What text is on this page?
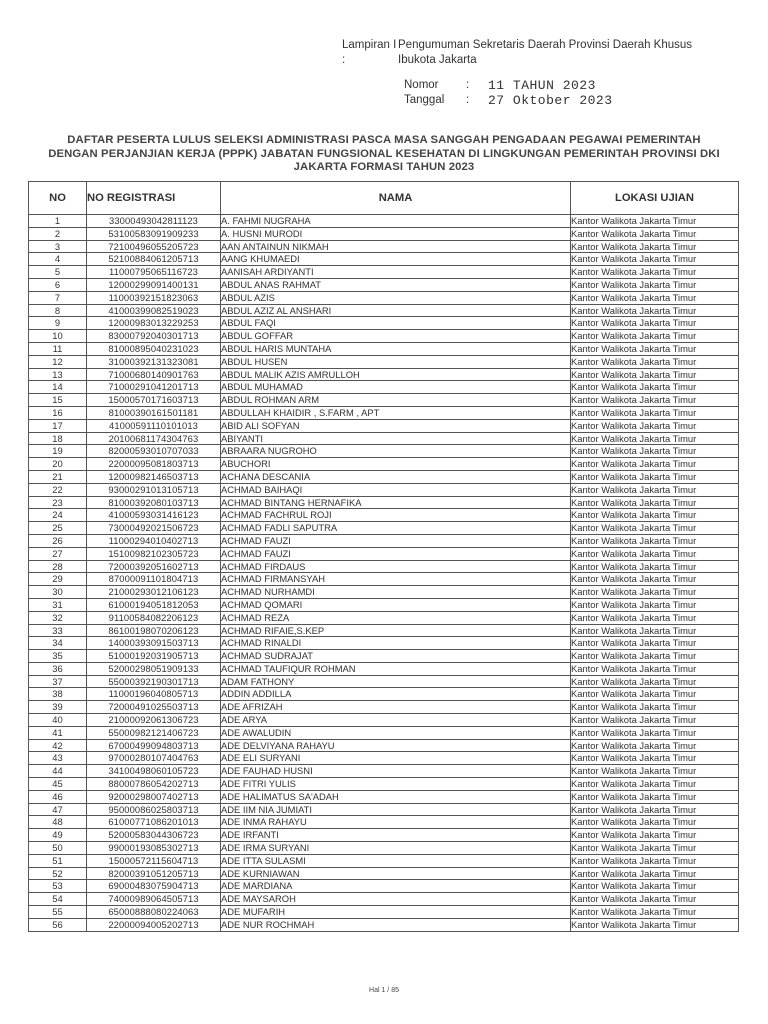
Lampiran I :
Pengumuman Sekretaris Daerah Provinsi Daerah Khusus
Ibukota Jakarta
Nomor	:	11 TAHUN 2023
Tanggal	:	27 Oktober 2023
DAFTAR PESERTA LULUS SELEKSI ADMINISTRASI PASCA MASA SANGGAH PENGADAAN PEGAWAI PEMERINTAH
DENGAN PERJANJIAN KERJA (PPPK) JABATAN FUNGSIONAL KESEHATAN DI LINGKUNGAN PEMERINTAH PROVINSI DKI
JAKARTA FORMASI TAHUN 2023
NO	NO REGISTRASI	NAMA	LOKASI UJIAN
1	33000493042811123	A. FAHMI NUGRAHA	Kantor Walikota Jakarta Timur
2	53100583091909233	A. HUSNI MURODI	Kantor Walikota Jakarta Timur
3	72100496055205723	AAN ANTAINUN NIKMAH	Kantor Walikota Jakarta Timur
4	52100884061205713	AANG KHUMAEDI	Kantor Walikota Jakarta Timur
5	11000795065116723	AANISAH ARDIYANTI	Kantor Walikota Jakarta Timur
6	12000299091400131	ABDUL ANAS RAHMAT	Kantor Walikota Jakarta Timur
7	11000392151823063	ABDUL AZIS	Kantor Walikota Jakarta Timur
8	41000399082519023	ABDUL AZIZ AL ANSHARI	Kantor Walikota Jakarta Timur
9	12000983013229253	ABDUL FAQI	Kantor Walikota Jakarta Timur
10	83000792040301713	ABDUL GOFFAR	Kantor Walikota Jakarta Timur
11	81000895040231023	ABDUL HARIS MUNTAHA	Kantor Walikota Jakarta Timur
12	31000392131323081	ABDUL HUSEN	Kantor Walikota Jakarta Timur
13	71000680140901763	ABDUL MALIK AZIS AMRULLOH	Kantor Walikota Jakarta Timur
14	71000291041201713	ABDUL MUHAMAD	Kantor Walikota Jakarta Timur
15	15000570171603713	ABDUL ROHMAN ARM	Kantor Walikota Jakarta Timur
16	81000390161501181	ABDULLAH KHAIDIR , S.FARM , APT	Kantor Walikota Jakarta Timur
17	41000591110101013	ABID ALI SOFYAN	Kantor Walikota Jakarta Timur
18	20100681174304763	ABIYANTI	Kantor Walikota Jakarta Timur
19	82000593010707033	ABRAARA NUGROHO	Kantor Walikota Jakarta Timur
20	22000095081803713	ABUCHORI	Kantor Walikota Jakarta Timur
21	12000982146503713	ACHANA DESCANIA	Kantor Walikota Jakarta Timur
22	93000291013105713	ACHMAD BAIHAQI	Kantor Walikota Jakarta Timur
23	81000392080103713	ACHMAD BINTANG HERNAFIKA	Kantor Walikota Jakarta Timur
24	41000593031416123	ACHMAD FACHRUL ROJI	Kantor Walikota Jakarta Timur
25	73000492021506723	ACHMAD FADLI SAPUTRA	Kantor Walikota Jakarta Timur
26	11000294010402713	ACHMAD FAUZI	Kantor Walikota Jakarta Timur
27	15100982102305723	ACHMAD FAUZI	Kantor Walikota Jakarta Timur
28	72000392051602713	ACHMAD FIRDAUS	Kantor Walikota Jakarta Timur
29	87000091101804713	ACHMAD FIRMANSYAH	Kantor Walikota Jakarta Timur
30	21000293012106123	ACHMAD NURHAMDI	Kantor Walikota Jakarta Timur
31	61000194051812053	ACHMAD QOMARI	Kantor Walikota Jakarta Timur
32	91100584082206123	ACHMAD REZA	Kantor Walikota Jakarta Timur
33	86100198070206123	ACHMAD RIFAIE,S.KEP	Kantor Walikota Jakarta Timur
34	14000393091503713	ACHMAD RINALDI	Kantor Walikota Jakarta Timur
35	51000192031905713	ACHMAD SUDRAJAT	Kantor Walikota Jakarta Timur
36	52000298051909133	ACHMAD TAUFIQUR ROHMAN	Kantor Walikota Jakarta Timur
37	55000392190301713	ADAM FATHONY	Kantor Walikota Jakarta Timur
38	11000196040805713	ADDIN ADDILLA	Kantor Walikota Jakarta Timur
39	72000491025503713	ADE AFRIZAH	Kantor Walikota Jakarta Timur
40	21000092061306723	ADE ARYA	Kantor Walikota Jakarta Timur
41	55000982121406723	ADE AWALUDIN	Kantor Walikota Jakarta Timur
42	67000499094803713	ADE DELVIYANA RAHAYU	Kantor Walikota Jakarta Timur
43	97000280107404763	ADE ELI SURYANI	Kantor Walikota Jakarta Timur
44	34100498060105723	ADE FAUHAD HUSNI	Kantor Walikota Jakarta Timur
45	88000786054202713	ADE FITRI YULIS	Kantor Walikota Jakarta Timur
46	92000298007402713	ADE HALIMATUS SA'ADAH	Kantor Walikota Jakarta Timur
47	95000086025803713	ADE IIM NIA JUMIATI	Kantor Walikota Jakarta Timur
48	61000771086201013	ADE INMA RAHAYU	Kantor Walikota Jakarta Timur
49	52000583044306723	ADE IRFANTI	Kantor Walikota Jakarta Timur
50	99000193085302713	ADE IRMA SURYANI	Kantor Walikota Jakarta Timur
51	15000572115604713	ADE ITTA SULASMI	Kantor Walikota Jakarta Timur
52	82000391051205713	ADE KURNIAWAN	Kantor Walikota Jakarta Timur
53	69000483075904713	ADE MARDIANA	Kantor Walikota Jakarta Timur
54	74000989064505713	ADE MAYSAROH	Kantor Walikota Jakarta Timur
55	65000888080224063	ADE MUFARIH	Kantor Walikota Jakarta Timur
56	22000094005202713	ADE NUR ROCHMAH	Kantor Walikota Jakarta Timur
Hal 1 / 85
